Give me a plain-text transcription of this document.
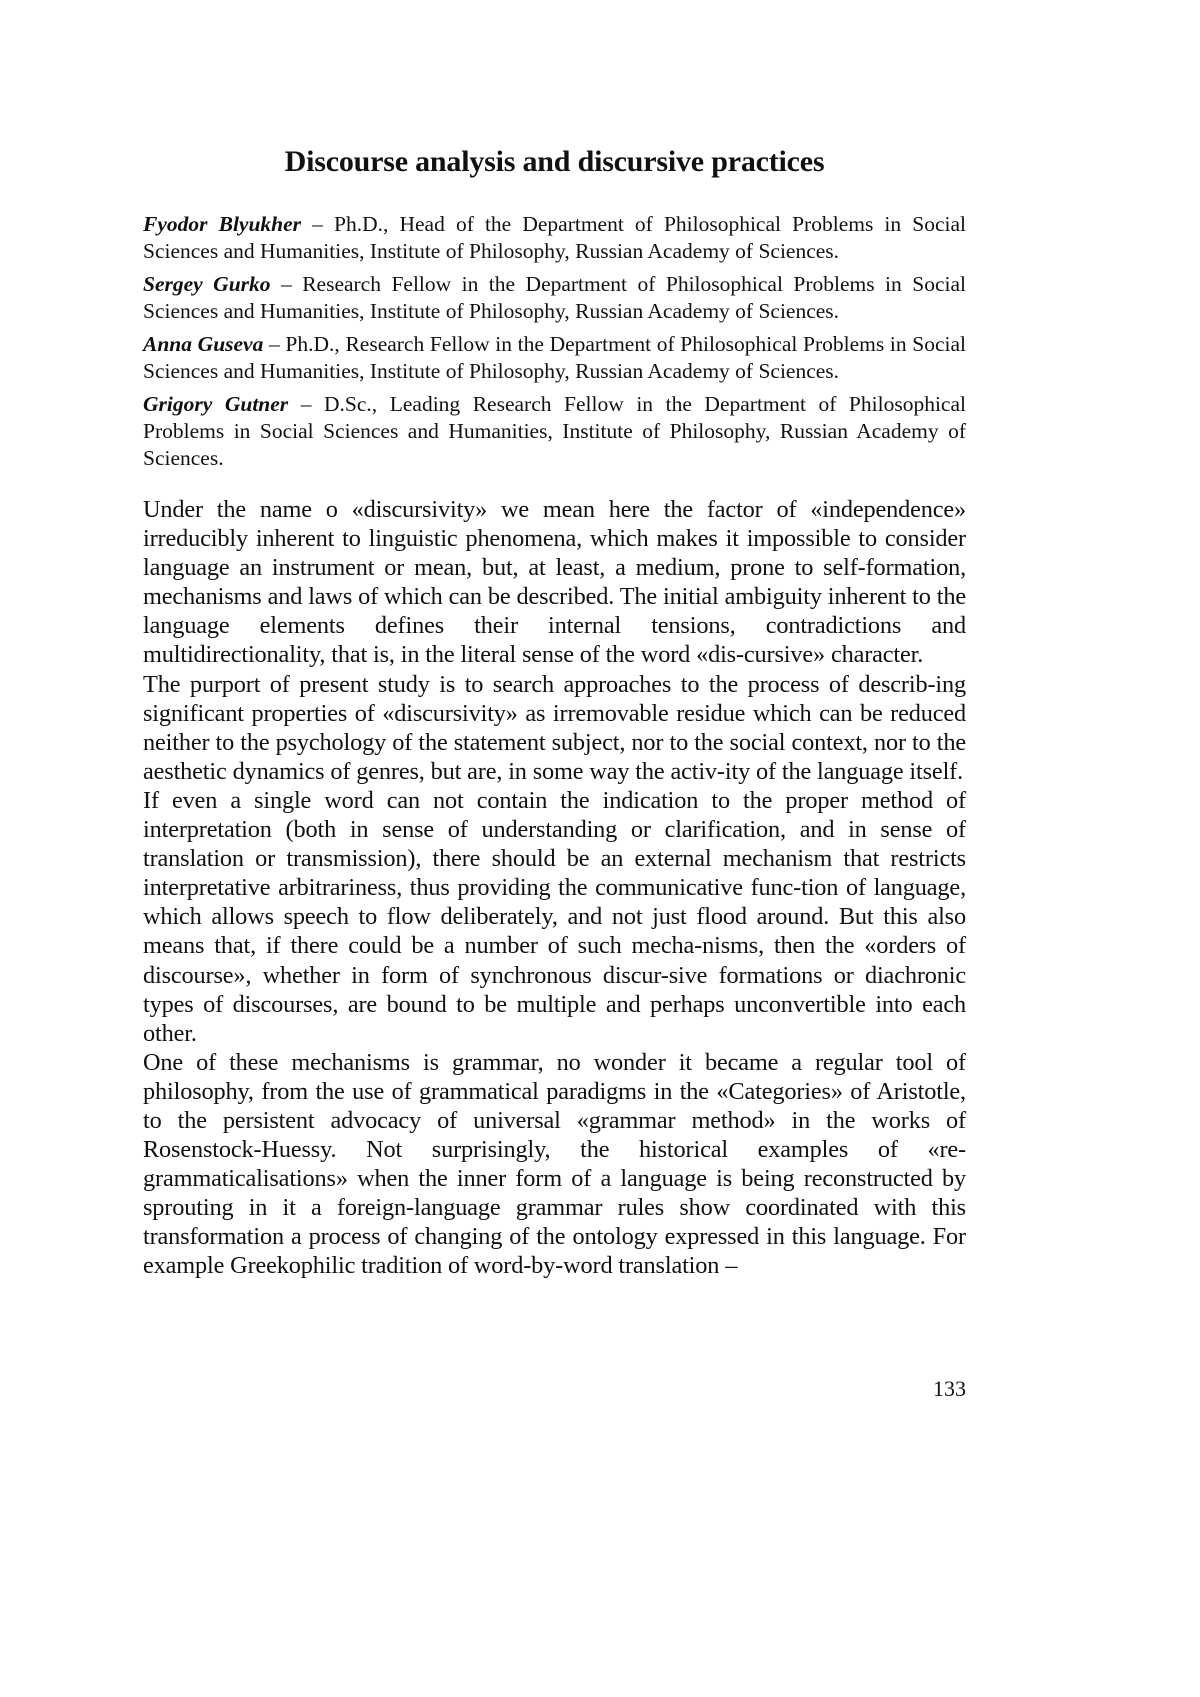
Discourse analysis and discursive practices

Fyodor Blyukher – Ph.D., Head of the Department of Philosophical Problems in Social Sciences and Humanities, Institute of Philosophy, Russian Academy of Sciences.

Sergey Gurko – Research Fellow in the Department of Philosophical Problems in Social Sciences and Humanities, Institute of Philosophy, Russian Academy of Sciences.

Anna Guseva – Ph.D., Research Fellow in the Department of Philosophical Problems in Social Sciences and Humanities, Institute of Philosophy, Russian Academy of Sciences.

Grigory Gutner – D.Sc., Leading Research Fellow in the Department of Philosophical Problems in Social Sciences and Humanities, Institute of Philosophy, Russian Academy of Sciences.

Under the name o «discursivity» we mean here the factor of «independence» irreducibly inherent to linguistic phenomena, which makes it impossible to consider language an instrument or mean, but, at least, a medium, prone to self-formation, mechanisms and laws of which can be described. The initial ambiguity inherent to the language elements defines their internal tensions, contradictions and multidirectionality, that is, in the literal sense of the word «dis-cursive» character.

The purport of present study is to search approaches to the process of describ-ing significant properties of «discursivity» as irremovable residue which can be reduced neither to the psychology of the statement subject, nor to the social context, nor to the aesthetic dynamics of genres, but are, in some way the activ-ity of the language itself.

If even a single word can not contain the indication to the proper method of interpretation (both in sense of understanding or clarification, and in sense of translation or transmission), there should be an external mechanism that restricts interpretative arbitrariness, thus providing the communicative func-tion of language, which allows speech to flow deliberately, and not just flood around. But this also means that, if there could be a number of such mecha-nisms, then the «orders of discourse», whether in form of synchronous discur-sive formations or diachronic types of discourses, are bound to be multiple and perhaps unconvertible into each other.

One of these mechanisms is grammar, no wonder it became a regular tool of philosophy, from the use of grammatical paradigms in the «Categories» of Aristotle, to the persistent advocacy of universal «grammar method» in the works of Rosenstock-Huessy. Not surprisingly, the historical examples of «re-grammaticalisations» when the inner form of a language is being reconstructed by sprouting in it a foreign-language grammar rules show coordinated with this transformation a process of changing of the ontology expressed in this language. For example Greekophilic tradition of word-by-word translation –

133
